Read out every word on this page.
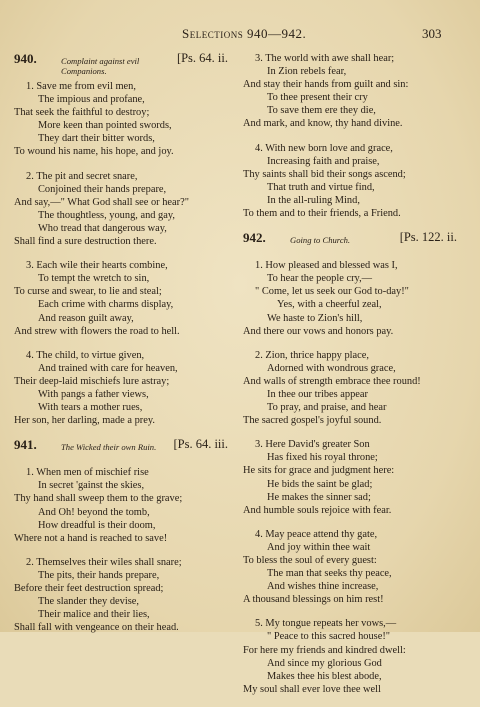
Selections 940—942.	303
940.	Complaint against evil Companions.
[Ps. 64. ii.
1. Save me from evil men,
The impious and profane,
That seek the faithful to destroy;
More keen than pointed swords,
They dart their bitter words,
To wound his name, his hope, and joy.
2. The pit and secret snare,
Conjoined their hands prepare,
And say,—" What God shall see or hear?"
The thoughtless, young, and gay,
Who tread that dangerous way,
Shall find a sure destruction there.
3. Each wile their hearts combine,
To tempt the wretch to sin,
To curse and swear, to lie and steal;
Each crime with charms display,
And reason guilt away,
And strew with flowers the road to hell.
4. The child, to virtue given,
And trained with care for heaven,
Their deep-laid mischiefs lure astray;
With pangs a father views,
With tears a mother rues,
Her son, her darling, made a prey.
941.	The Wicked their own Ruin.	[Ps. 64. iii.
1. When men of mischief rise
In secret 'gainst the skies,
Thy hand shall sweep them to the grave;
And Oh! beyond the tomb,
How dreadful is their doom,
Where not a hand is reached to save!
2. Themselves their wiles shall snare;
The pits, their hands prepare,
Before their feet destruction spread;
The slander they devise,
Their malice and their lies,
Shall fall with vengeance on their head.
3. The world with awe shall hear;
In Zion rebels fear,
And stay their hands from guilt and sin:
To thee present their cry
To save them ere they die,
And mark, and know, thy hand divine.
4. With new born love and grace,
Increasing faith and praise,
Thy saints shall bid their songs ascend;
That truth and virtue find,
In the all-ruling Mind,
To them and to their friends, a Friend.
942.	Going to Church.	[Ps. 122. ii.
1. How pleased and blessed was I,
To hear the people cry,—
" Come, let us seek our God to-day!"
Yes, with a cheerful zeal,
We haste to Zion's hill,
And there our vows and honors pay.
2. Zion, thrice happy place,
Adorned with wondrous grace,
And walls of strength embrace thee round!
In thee our tribes appear
To pray, and praise, and hear
The sacred gospel's joyful sound.
3. Here David's greater Son
Has fixed his royal throne;
He sits for grace and judgment here:
He bids the saint be glad;
He makes the sinner sad;
And humble souls rejoice with fear.
4. May peace attend thy gate,
And joy within thee wait
To bless the soul of every guest:
The man that seeks thy peace,
And wishes thine increase,
A thousand blessings on him rest!
5. My tongue repeats her vows,—
" Peace to this sacred house!"
For here my friends and kindred dwell:
And since my glorious God
Makes thee his blest abode,
My soul shall ever love thee well
